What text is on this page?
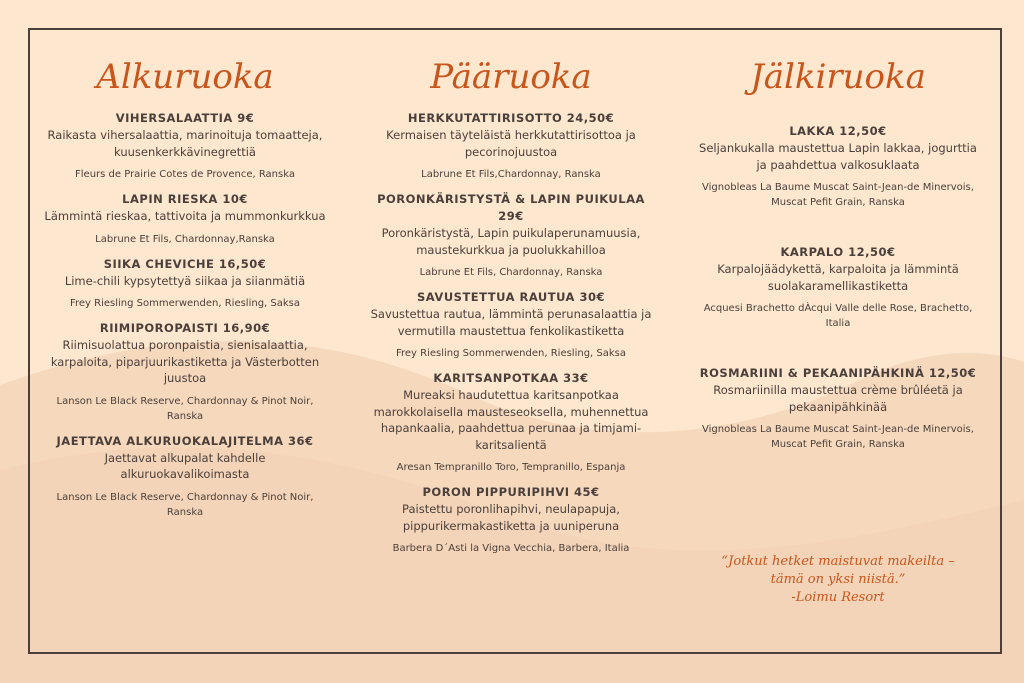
Alkuruoka
VIHERSALAATTIA 9€
Raikasta vihersalaattia, marinoituja tomaatteja, kuusenkerkkävinegrettiä
Fleurs de Prairie Cotes de Provence, Ranska
LAPIN RIESKA 10€
Lämmintä rieskaa, tattivoita ja mummonkurkkua
Labrune Et Fils, Chardonnay,Ranska
SIIKA CHEVICHE 16,50€
Lime-chili kypsytettyä siikaa ja siianmätiä
Frey Riesling Sommerwenden, Riesling, Saksa
RIIMIPOROPAISTI 16,90€
Riimisuolattua poronpaistia, sienisalaattia, karpaloita, piparjuurikastiketta ja Västerbotten juustoa
Lanson Le Black Reserve, Chardonnay & Pinot Noir, Ranska
JAETTAVA ALKURUOKALAJITELMA 36€
Jaettavat alkupalat kahdelle alkuruokavalikoimasta
Lanson Le Black Reserve, Chardonnay & Pinot Noir, Ranska
Pääruoka
HERKKUTATTIRISOTTO 24,50€
Kermaisen täyteläistä herkkutattirisottoa ja pecorinojuustoa
Labrune Et Fils,Chardonnay, Ranska
PORONKÄRISTYSTÄ & LAPIN PUIKULAA 29€
Poronkäristystä, Lapin puikulaperunamuusia, maustekurkkua ja puolukkahilloa
Labrune Et Fils, Chardonnay, Ranska
SAVUSTETTUA RAUTUA 30€
Savustettua rautua, lämmintä perunasalaattia ja vermutilla maustettua fenkolikastiketta
Frey Riesling Sommerwenden, Riesling, Saksa
KARITSANPOTKAA 33€
Mureaksi haudutettua karitsanpotkaa marokkolaisella mausteseoksella, muhennettua hapankaalia, paahdettua perunaa ja timjami-karitsalientä
Aresan Tempranillo Toro, Tempranillo, Espanja
PORON PIPPURIPIHVI 45€
Paistettu poronlihapihvi, neulapapuja, pippurikermakastiketta ja uuniperuna
Barbera D´Asti la Vigna Vecchia, Barbera, Italia
Jälkiruoka
LAKKA 12,50€
Seljankukalla maustettua Lapin lakkaa, jogurttia ja paahdettua valkosuklaata
Vignobleas La Baume Muscat Saint-Jean-de Minervois, Muscat Pefit Grain, Ranska
KARPALO 12,50€
Karpalojäädykettä, karpaloita ja lämmintä suolakaramellikastiketta
Acquesi Brachetto dÀcqui Valle delle Rose, Brachetto, Italia
ROSMARIINI & PEKAANIPÄHKINÄ 12,50€
Rosmariinilla maustettua crème brûléetä ja pekaanipähkinää
Vignobleas La Baume Muscat Saint-Jean-de Minervois, Muscat Pefit Grain, Ranska
“Jotkut hetket maistuvat makeilta –
tämä on yksi niistä.”
-Loimu Resort
